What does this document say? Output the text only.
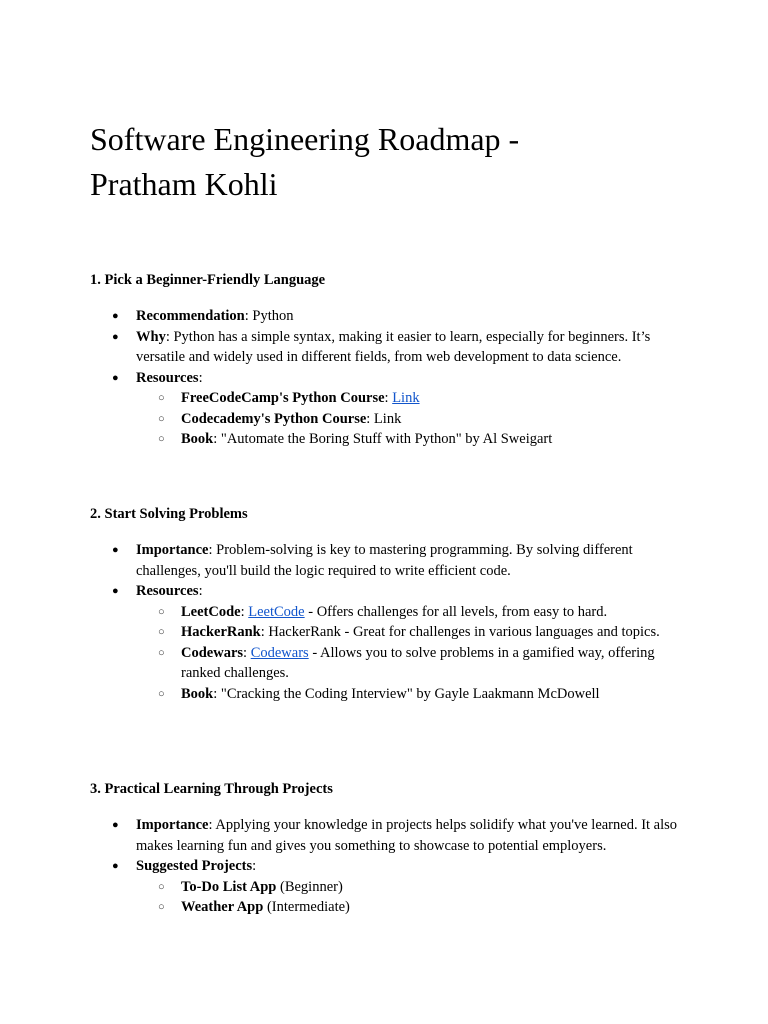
Software Engineering Roadmap -
Pratham Kohli
1. Pick a Beginner-Friendly Language
● Recommendation: Python
● Why: Python has a simple syntax, making it easier to learn, especially for beginners. It’s versatile and widely used in different fields, from web development to data science.
● Resources:
○ FreeCodeCamp's Python Course: Link
○ Codecademy's Python Course: Link
○ Book: "Automate the Boring Stuff with Python" by Al Sweigart
2. Start Solving Problems
● Importance: Problem-solving is key to mastering programming. By solving different challenges, you'll build the logic required to write efficient code.
● Resources:
○ LeetCode: LeetCode - Offers challenges for all levels, from easy to hard.
○ HackerRank: HackerRank - Great for challenges in various languages and topics.
○ Codewars: Codewars - Allows you to solve problems in a gamified way, offering ranked challenges.
○ Book: "Cracking the Coding Interview" by Gayle Laakmann McDowell
3. Practical Learning Through Projects
● Importance: Applying your knowledge in projects helps solidify what you've learned. It also makes learning fun and gives you something to showcase to potential employers.
● Suggested Projects:
○ To-Do List App (Beginner)
○ Weather App (Intermediate)
